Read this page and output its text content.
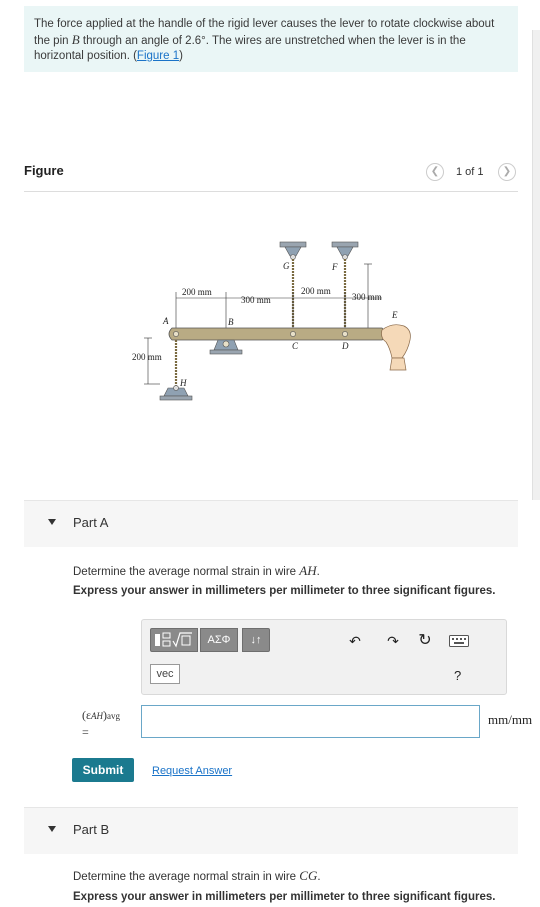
The force applied at the handle of the rigid lever causes the lever to rotate clockwise about the pin B through an angle of 2.6°. The wires are unstretched when the lever is in the horizontal position. (Figure 1)
Figure	❮	1 of 1	❯
200 mm
300 mm
200 mm
300 mm
200 mm
A	B
C	D
E
F
G
H
Part A
Determine the average normal strain in wire AH.
Express your answer in millimeters per millimeter to three significant figures.
ΑΣΦ	↓↑
vec
↶ ↷ ↻
?
(εAH)avg
=
mm/mm
Submit	Request Answer
Part B
Determine the average normal strain in wire CG.
Express your answer in millimeters per millimeter to three significant figures.
